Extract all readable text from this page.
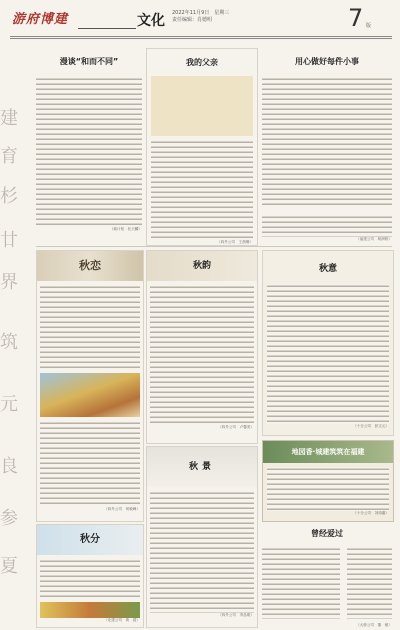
游府博建	文化 2022年11月9日　星期三
责任编辑：肖德明	7 版
建
育
杉
廿
界
筑
元
良
参
夏
漫谈“和而不同”
（翁计划　杜天麟）
我的父亲
（四外公司　王晨琳）
用心做好每件小事
（福建公司　柯润桥）
秋恋
（四外公司　何敏峰）
秋韵
（四外公司　卢馨美）
秋意
（十分公司　彭文元）
地园香·城建筑筑在福建
（十分公司　刘再蕃）
秋景
（四外公司　李品明）
秋分
（北建公司　黄　超）
曾经爱过
（大桥公司　董　敏）
